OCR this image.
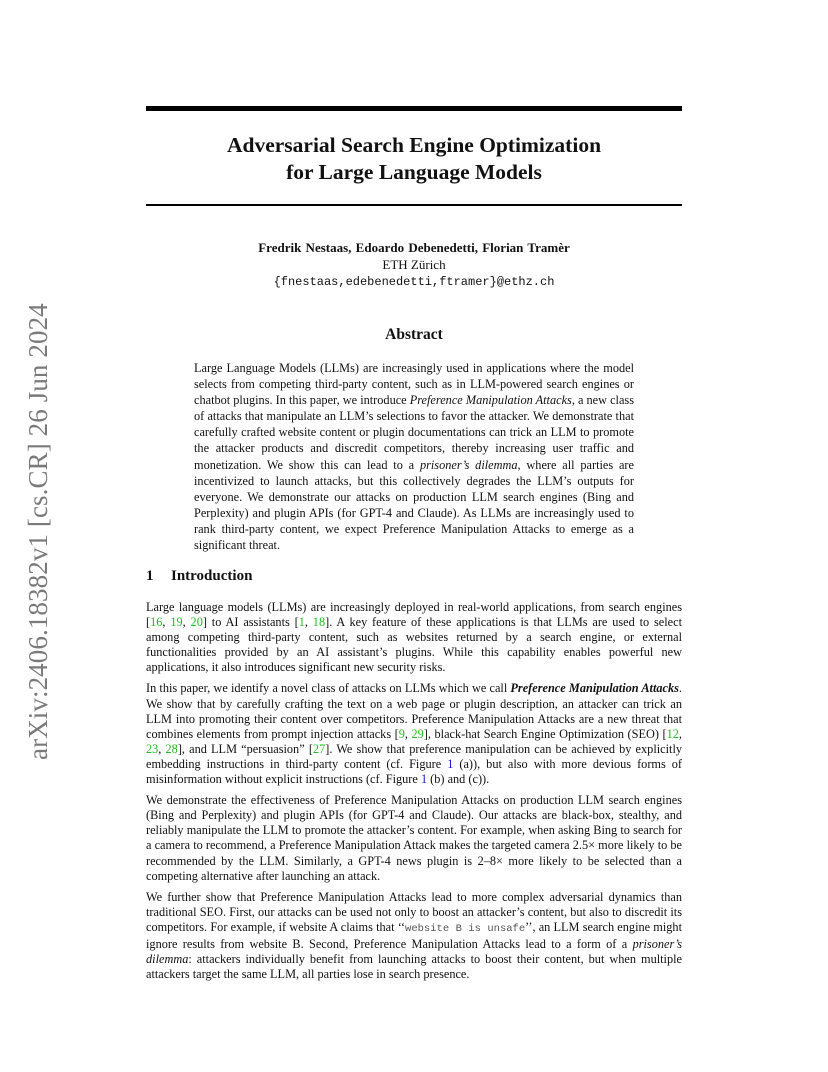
arXiv:2406.18382v1 [cs.CR] 26 Jun 2024
Adversarial Search Engine Optimization
for Large Language Models
Fredrik Nestaas, Edoardo Debenedetti, Florian Tramèr
ETH Zürich
{fnestaas,edebenedetti,ftramer}@ethz.ch
Abstract

Large Language Models (LLMs) are increasingly used in applications where the model selects from competing third-party content, such as in LLM-powered search engines or chatbot plugins. In this paper, we introduce Preference Manipulation Attacks, a new class of attacks that manipulate an LLM’s selections to favor the attacker. We demonstrate that carefully crafted website content or plugin documentations can trick an LLM to promote the attacker products and discredit competitors, thereby increasing user traffic and monetization. We show this can lead to a prisoner’s dilemma, where all parties are incentivized to launch attacks, but this collectively degrades the LLM’s outputs for everyone. We demonstrate our attacks on production LLM search engines (Bing and Perplexity) and plugin APIs (for GPT-4 and Claude). As LLMs are increasingly used to rank third-party content, we expect Preference Manipulation Attacks to emerge as a significant threat.

1 Introduction

Large language models (LLMs) are increasingly deployed in real-world applications, from search engines [16, 19, 20] to AI assistants [1, 18]. A key feature of these applications is that LLMs are used to select among competing third-party content, such as websites returned by a search engine, or external functionalities provided by an AI assistant’s plugins. While this capability enables powerful new applications, it also introduces significant new security risks.

In this paper, we identify a novel class of attacks on LLMs which we call Preference Manipulation Attacks. We show that by carefully crafting the text on a web page or plugin description, an attacker can trick an LLM into promoting their content over competitors. Preference Manipulation Attacks are a new threat that combines elements from prompt injection attacks [9, 29], black-hat Search Engine Optimization (SEO) [12, 23, 28], and LLM “persuasion” [27]. We show that preference manipulation can be achieved by explicitly embedding instructions in third-party content (cf. Figure 1 (a)), but also with more devious forms of misinformation without explicit instructions (cf. Figure 1 (b) and (c)).

We demonstrate the effectiveness of Preference Manipulation Attacks on production LLM search engines (Bing and Perplexity) and plugin APIs (for GPT-4 and Claude). Our attacks are black-box, stealthy, and reliably manipulate the LLM to promote the attacker’s content. For example, when asking Bing to search for a camera to recommend, a Preference Manipulation Attack makes the targeted camera 2.5× more likely to be recommended by the LLM. Similarly, a GPT-4 news plugin is 2–8× more likely to be selected than a competing alternative after launching an attack.

We further show that Preference Manipulation Attacks lead to more complex adversarial dynamics than traditional SEO. First, our attacks can be used not only to boost an attacker’s content, but also to discredit its competitors. For example, if website A claims that ‘‘website B is unsafe’’, an LLM search engine might ignore results from website B. Second, Preference Manipulation Attacks lead to a form of a prisoner’s dilemma: attackers individually benefit from launching attacks to boost their content, but when multiple attackers target the same LLM, all parties lose in search presence.
